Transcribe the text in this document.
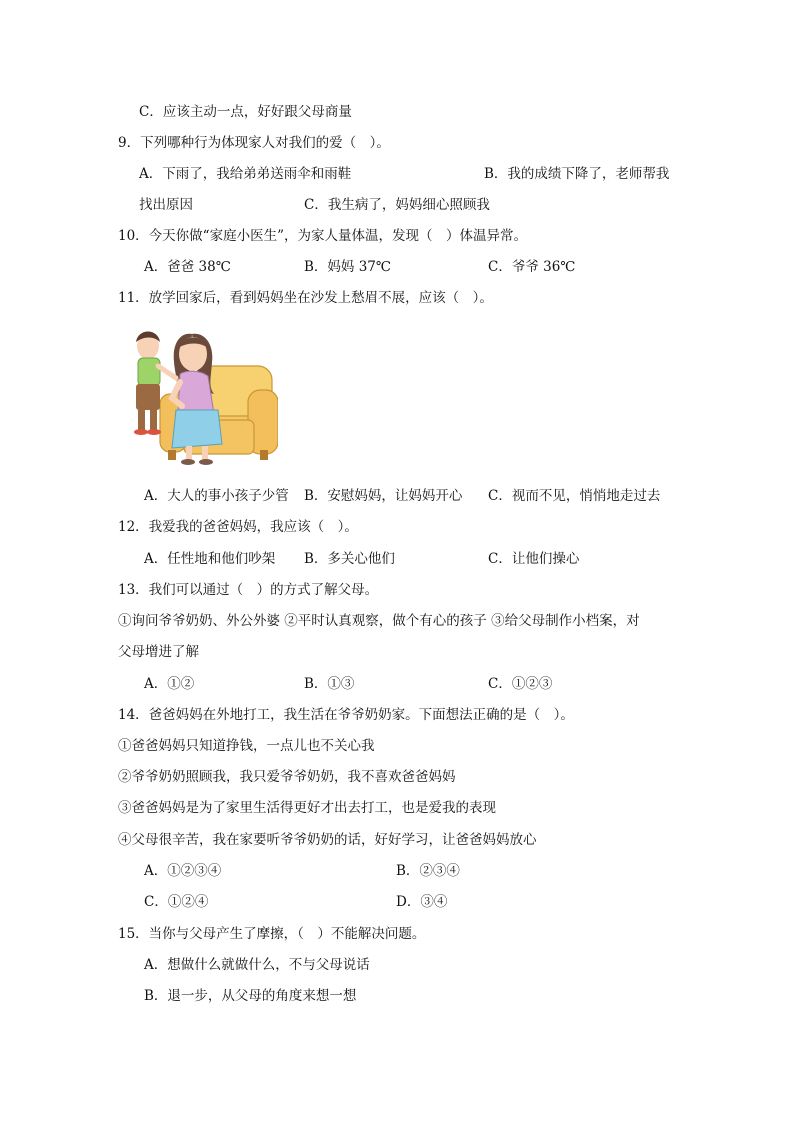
C．应该主动一点，好好跟父母商量
9．下列哪种行为体现家人对我们的爱（　）。
A．下雨了，我给弟弟送雨伞和雨鞋	B．我的成绩下降了，老师帮我
找出原因	C．我生病了，妈妈细心照顾我
10．今天你做“家庭小医生”，为家人量体温，发现（　）体温异常。
A．爸爸 38℃	B．妈妈 37℃	C．爷爷 36℃
11．放学回家后，看到妈妈坐在沙发上愁眉不展，应该（　）。
A．大人的事小孩子少管 B．安慰妈妈，让妈妈开心 C．视而不见，悄悄地走过去
12．我爱我的爸爸妈妈，我应该（　）。
A．任性地和他们吵架 B．多关心他们	C．让他们操心
13．我们可以通过（　）的方式了解父母。
①询问爷爷奶奶、外公外婆 ②平时认真观察，做个有心的孩子 ③给父母制作小档案，对
父母增进了解
A．①②	B．①③	C．①②③
14．爸爸妈妈在外地打工，我生活在爷爷奶奶家。下面想法正确的是（　）。
①爸爸妈妈只知道挣钱，一点儿也不关心我
②爷爷奶奶照顾我，我只爱爷爷奶奶，我不喜欢爸爸妈妈
③爸爸妈妈是为了家里生活得更好才出去打工，也是爱我的表现
④父母很辛苦，我在家要听爷爷奶奶的话，好好学习，让爸爸妈妈放心
A．①②③④	B．②③④
C．①②④	D．③④
15．当你与父母产生了摩擦，（　）不能解决问题。
A．想做什么就做什么，不与父母说话
B．退一步，从父母的角度来想一想
